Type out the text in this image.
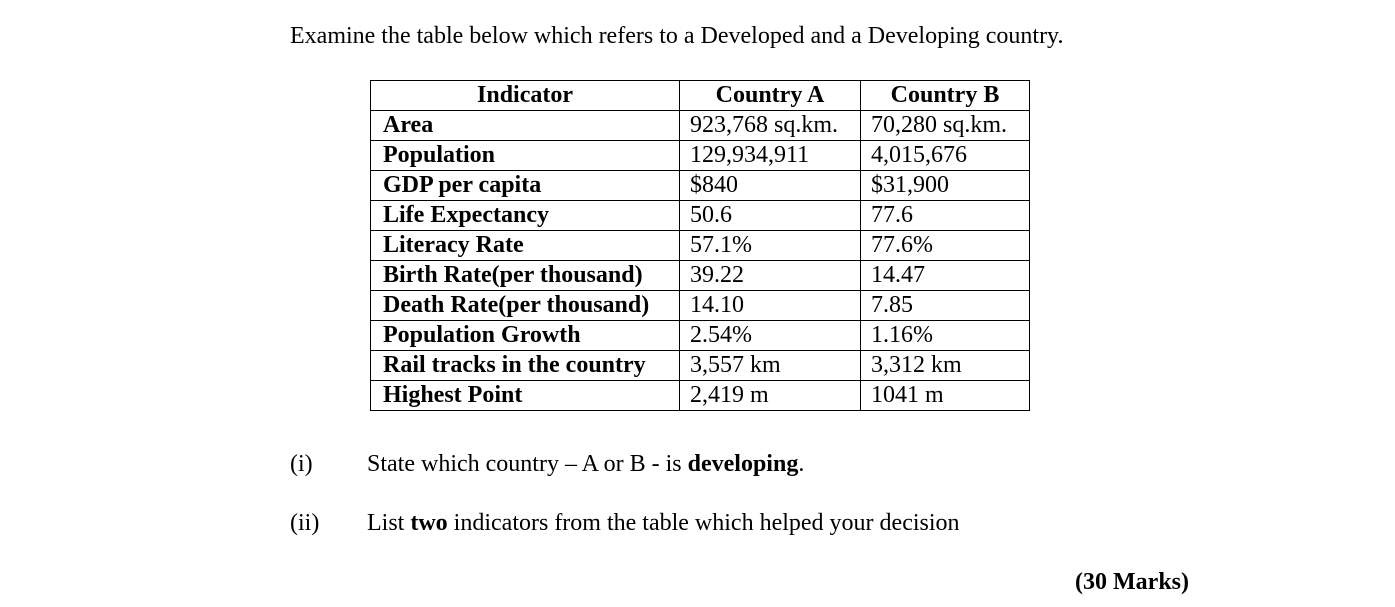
Examine the table below which refers to a Developed and a Developing country.
Indicator	Country A	Country B
Area	923,768 sq.km.	70,280 sq.km.
Population	129,934,911	4,015,676
GDP per capita	$840	$31,900
Life Expectancy	50.6	77.6
Literacy Rate	57.1%	77.6%
Birth Rate(per thousand)	39.22	14.47
Death Rate(per thousand)	14.10	7.85
Population Growth	2.54%	1.16%
Rail tracks in the country	3,557 km	3,312 km
Highest Point	2,419 m	1041 m
(i) State which country – A or B - is developing.
(ii) List two indicators from the table which helped your decision
(30 Marks)
